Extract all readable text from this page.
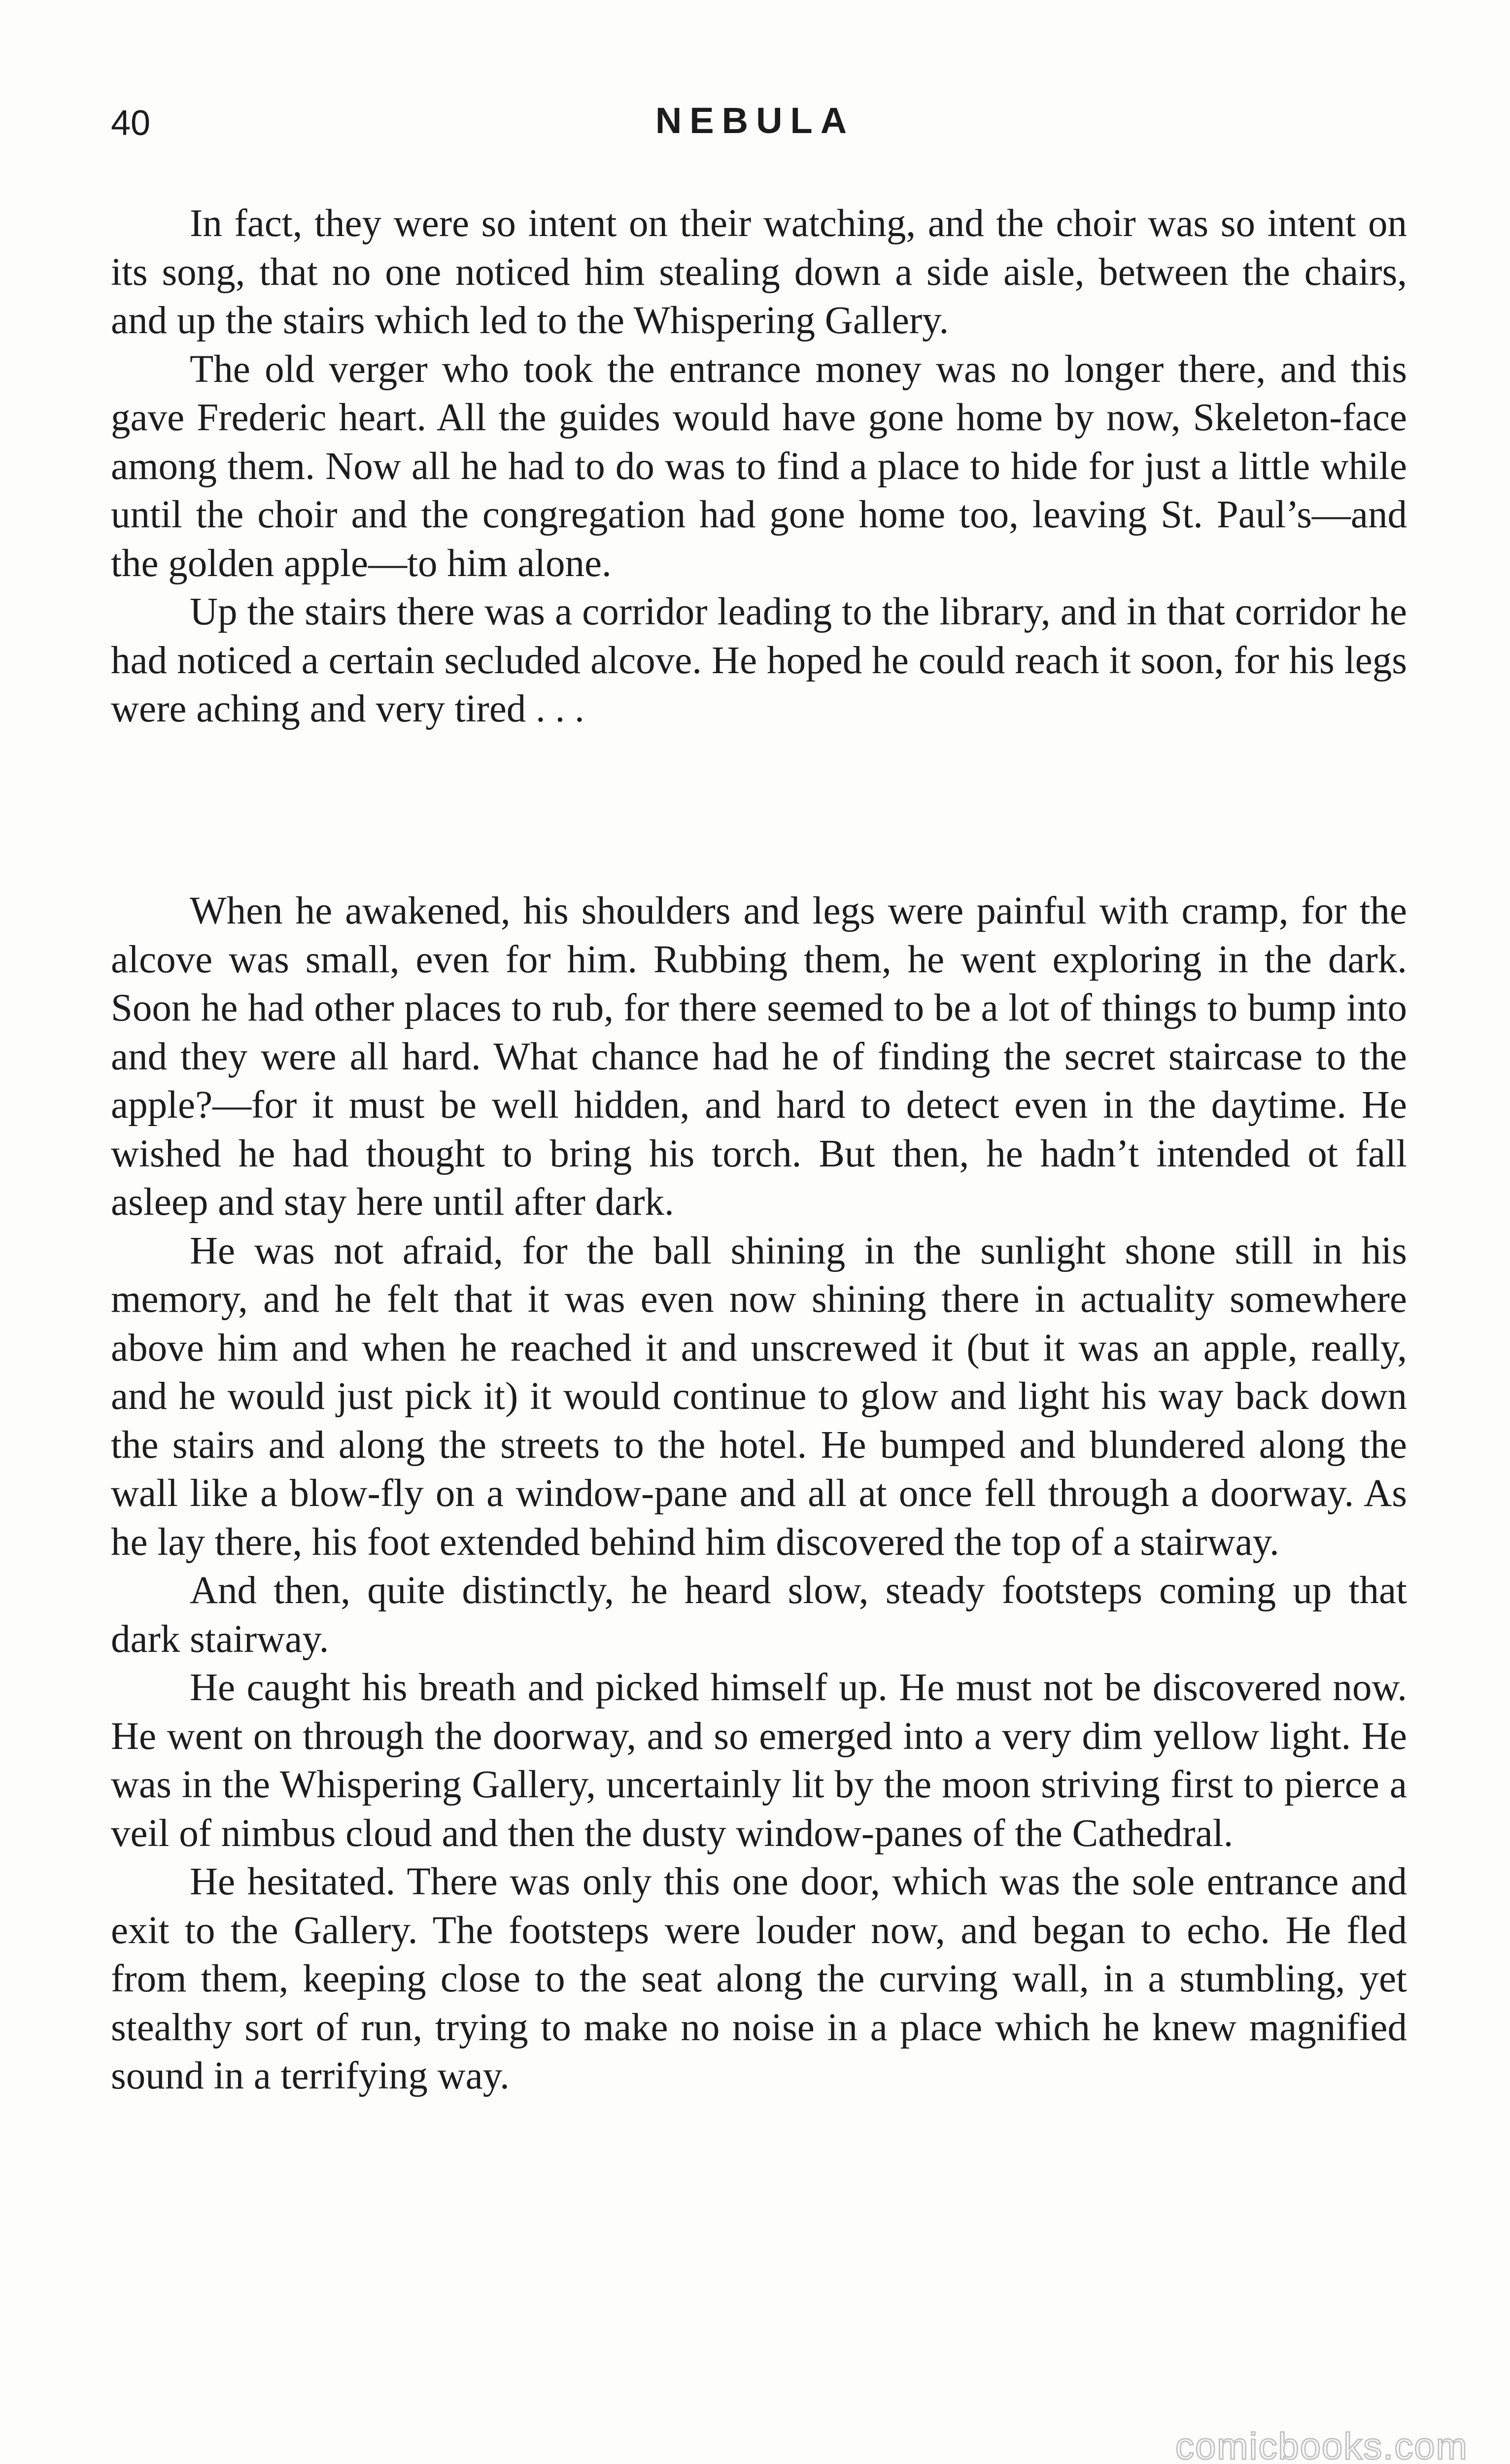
40	NEBULA

In fact, they were so intent on their watching, and the choir was so intent on its song, that no one noticed him stealing down a side aisle, between the chairs, and up the stairs which led to the Whispering Gallery.

The old verger who took the entrance money was no longer there, and this gave Frederic heart. All the guides would have gone home by now, Skeleton-face among them. Now all he had to do was to find a place to hide for just a little while until the choir and the congregation had gone home too, leaving St. Paul’s—and the golden apple—to him alone.

Up the stairs there was a corridor leading to the library, and in that corridor he had noticed a certain secluded alcove. He hoped he could reach it soon, for his legs were aching and very tired . . .

When he awakened, his shoulders and legs were painful with cramp, for the alcove was small, even for him. Rubbing them, he went exploring in the dark. Soon he had other places to rub, for there seemed to be a lot of things to bump into and they were all hard. What chance had he of finding the secret staircase to the apple?—for it must be well hidden, and hard to detect even in the daytime. He wished he had thought to bring his torch. But then, he hadn’t intended ot fall asleep and stay here until after dark.

He was not afraid, for the ball shining in the sunlight shone still in his memory, and he felt that it was even now shining there in actuality somewhere above him and when he reached it and unscrewed it (but it was an apple, really, and he would just pick it) it would continue to glow and light his way back down the stairs and along the streets to the hotel. He bumped and blundered along the wall like a blow-fly on a window-pane and all at once fell through a doorway. As he lay there, his foot extended behind him discovered the top of a stairway.

And then, quite distinctly, he heard slow, steady footsteps coming up that dark stairway.

He caught his breath and picked himself up. He must not be discovered now. He went on through the doorway, and so emerged into a very dim yellow light. He was in the Whispering Gallery, uncertainly lit by the moon striving first to pierce a veil of nimbus cloud and then the dusty window-panes of the Cathedral.

He hesitated. There was only this one door, which was the sole entrance and exit to the Gallery. The footsteps were louder now, and began to echo. He fled from them, keeping close to the seat along the curving wall, in a stumbling, yet stealthy sort of run, trying to make no noise in a place which he knew magnified sound in a terrifying way.

comicbooks.com
